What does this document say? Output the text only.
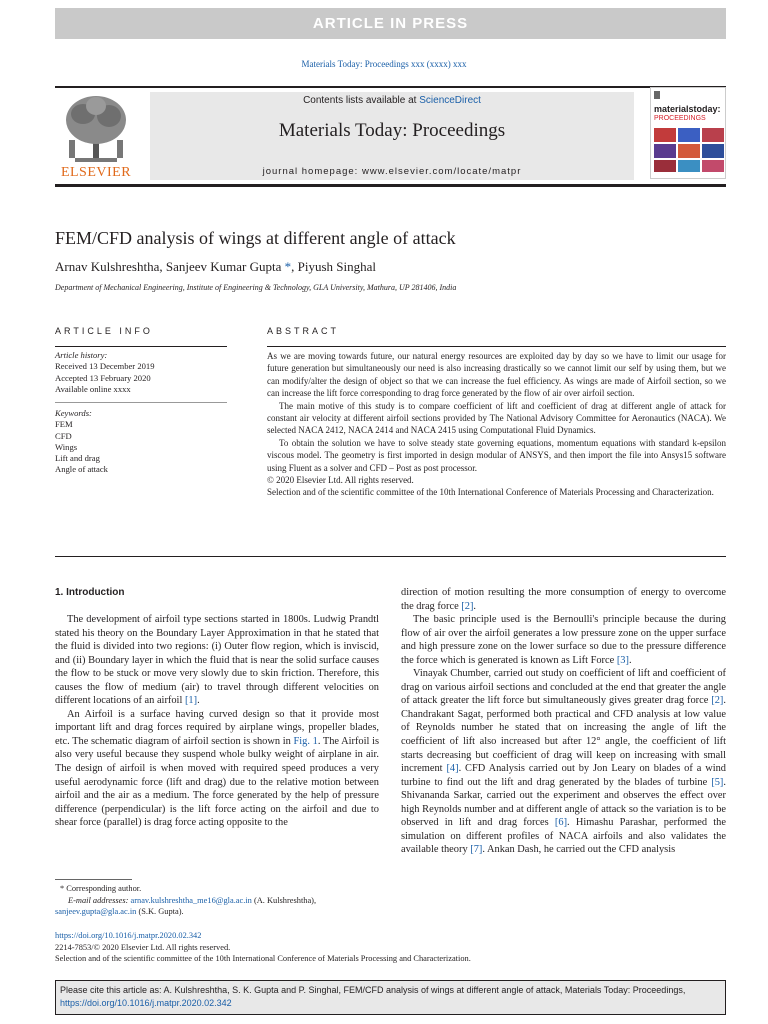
ARTICLE IN PRESS
Materials Today: Proceedings xxx (xxxx) xxx
ELSEVIER
Contents lists available at ScienceDirect
Materials Today: Proceedings
journal homepage: www.elsevier.com/locate/matpr
materialstoday:
PROCEEDINGS
FEM/CFD analysis of wings at different angle of attack
Arnav Kulshreshtha, Sanjeev Kumar Gupta *, Piyush Singhal
Department of Mechanical Engineering, Institute of Engineering & Technology, GLA University, Mathura, UP 281406, India
ARTICLE INFO
Article history:
Received 13 December 2019
Accepted 13 February 2020
Available online xxxx
Keywords:
FEM
CFD
Wings
Lift and drag
Angle of attack
ABSTRACT

As we are moving towards future, our natural energy resources are exploited day by day so we have to limit our usage for future generation but simultaneously our need is also increasing drastically so we cannot limit our self by using them, but we can modify/alter the design of object so that we can increase the fuel efficiency. As wings are made of Airfoil section, so we can increase the lift force corresponding to drag force generated by the flow of air over airfoil section.

The main motive of this study is to compare coefficient of lift and coefficient of drag at different angle of attack for constant air velocity at different airfoil sections provided by The National Advisory Committee for Aeronautics (NACA). We selected NACA 2412, NACA 2414 and NACA 2415 using Computational Fluid Dynamics.

To obtain the solution we have to solve steady state governing equations, momentum equations with standard k-epsilon viscous model. The geometry is first imported in design modular of ANSYS, and then import the file into Ansys15 software using Fluent as a solver and CFD – Post as post processor.

© 2020 Elsevier Ltd. All rights reserved.

Selection and of the scientific committee of the 10th International Conference of Materials Processing and Characterization.

1. Introduction

The development of airfoil type sections started in 1800s. Ludwig Prandtl stated his theory on the Boundary Layer Approximation in that he stated that the fluid is divided into two regions: (i) Outer flow region, which is inviscid, and (ii) Boundary layer in which the fluid that is near the solid surface causes the flow to be stuck or move very slowly due to skin friction. Therefore, this causes the flow of medium (air) to travel through different velocities on different locations of an airfoil [1].

An Airfoil is a surface having curved design so that it provide most important lift and drag forces required by airplane wings, propeller blades, etc. The schematic diagram of airfoil section is shown in Fig. 1. The Airfoil is also very useful because they suspend whole bulky weight of airplane in air. The design of airfoil is when moved with required speed produces a very useful aerodynamic force (lift and drag) due to the relative motion between airfoil and the air as a medium. The force generated by the help of pressure difference (perpendicular) is the lift force acting on the airfoil and due to shear force (parallel) is drag force acting opposite to the

direction of motion resulting the more consumption of energy to overcome the drag force [2].

The basic principle used is the Bernoulli's principle because the during flow of air over the airfoil generates a low pressure zone on the upper surface and high pressure zone on the lower surface so due to the pressure difference the force which is generated is known as Lift Force [3].

Vinayak Chumber, carried out study on coefficient of lift and coefficient of drag on various airfoil sections and concluded at the end that greater the angle of attack greater the lift force but simultaneously gives greater drag force [2]. Chandrakant Sagat, performed both practical and CFD analysis at low value of Reynolds number he stated that on increasing the angle of lift the coefficient of lift also increased but after 12° angle, the coefficient of lift starts decreasing but coefficient of drag will keep on increasing with small increment [4]. CFD Analysis carried out by Jon Leary on blades of a wind turbine to find out the lift and drag generated by the blades of turbine [5]. Shivananda Sarkar, carried out the experiment and observes the effect over high Reynolds number and at different angle of attack so the variation is to be observed in lift and drag forces [6]. Himashu Parashar, performed the simulation on different profiles of NACA airfoils and also validates the available theory [7]. Ankan Dash, he carried out the CFD analysis

* Corresponding author.
E-mail addresses: arnav.kulshreshtha_me16@gla.ac.in (A. Kulshreshtha),
sanjeev.gupta@gla.ac.in (S.K. Gupta).
https://doi.org/10.1016/j.matpr.2020.02.342
2214-7853/© 2020 Elsevier Ltd. All rights reserved.
Selection and of the scientific committee of the 10th International Conference of Materials Processing and Characterization.
Please cite this article as: A. Kulshreshtha, S. K. Gupta and P. Singhal, FEM/CFD analysis of wings at different angle of attack, Materials Today: Proceedings,
https://doi.org/10.1016/j.matpr.2020.02.342
